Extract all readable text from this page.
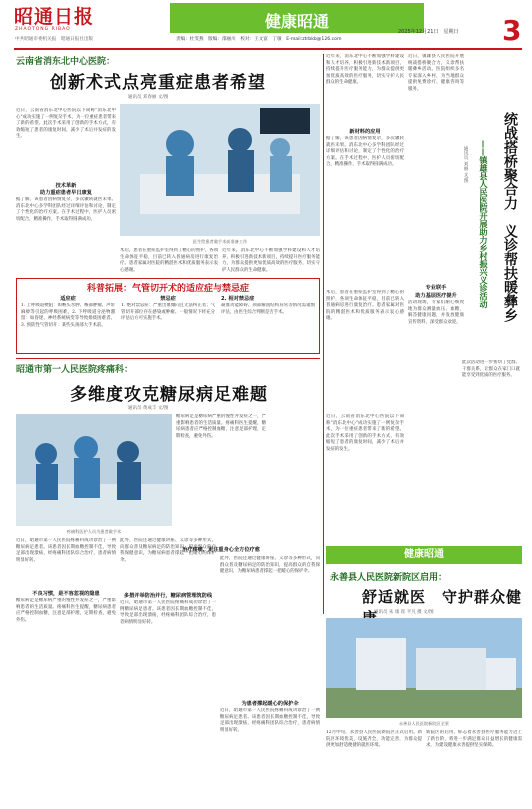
昭通日报
ZHAOTONG RIBAO
中共昭通市委机关报　昭通日报社出版
健康昭通
责编：杜雯燕　版编：邵丽川　校对：王文富　丁敏　E-mail:ztrbkb@126.com
2025年12月21日　星期日 3
云南省消东北中心医院：
创新术式点亮重症患者希望
通讯员 邓春丽 文/图
近日，云南省消东北中心医院以下简称"消东北中心"成功实施了一例复杂手术，为一位重症患者带来了新的希望。此次手术采用了创新的手术方式，有效缩短了患者的康复时间，减少了术后并发症的发生。
技术革新
助力重症患者早日康复
据了解，该患者因病情复杂，多次辗转就医未果。消东北中心多学科团队经过详细评估和讨论，制定了个性化的治疗方案。在手术过程中，医护人员密切配合，精准操作，手术取得圆满成功。
医生给患者做手术前准备工作
术后，患者在重症监护室得到了精心的照护，各项生命体征平稳，目前已转入普通病房进行康复治疗。患者家属对医院的精湛医术和优质服务表示衷心感谢。
近年来，消东北中心不断加强学科建设和人才培养，积极引进新技术新项目，持续提升医疗服务能力，为群众提供更加优质高效的医疗服务，切实守护人民群众的生命健康。
科普拓展：气管切开术的适应症与禁忌症
适应症
1. 上呼吸道梗阻：如喉头水肿、喉部肿瘤、声带麻痹等引起的呼吸困难。2. 下呼吸道分泌物潴留：如昏迷、神经系统病变等导致排痰困难者。3. 预防性气管切开：某些头颈部大手术前。
禁忌症
1. 绝对禁忌症：严重出血倾向且无法纠正者；气管切开部位存在感染或肿瘤。一般情况下经充分评估后方可实施手术。
2. 相对禁忌症
凝血功能障碍、颈部解剖结构异常等情况需谨慎评估，由医生综合判断是否手术。
昭通市第一人民医院疼痛科：
多维度攻克糖尿病足难题
通讯员 黄成丰 文/图
疼痛科医护人员为患者做手术
近日，昭通市第一人民医院疼痛科成功诊治了一例糖尿病足患者。该患者因长期血糖控制不佳，导致足部出现溃疡，经疼痛科团队综合治疗，患者病情明显好转。
不良习惯，是不容忽视的隐患
糖尿病足是糖尿病严重的慢性并发症之一，严重影响患者的生活质量。疼痛科医生提醒，糖尿病患者应严格控制血糖，注意足部护理，定期检查，避免外伤。
此外，医院还通过健康讲座、义诊等多种形式，向群众普及糖尿病足的防治知识，提高群众的自我保健意识，为糖尿病患者撑起一把暖心的保护伞。
多措并举防治并行，糖尿病管理筑防线
近日，昭通市第一人民医院疼痛科成功诊治了一例糖尿病足患者。该患者因长期血糖控制不佳，导致足部出现溃疡，经疼痛科团队综合治疗，患者病情明显好转。
糖尿病足是糖尿病严重的慢性并发症之一，严重影响患者的生活质量。疼痛科医生提醒，糖尿病患者应严格控制血糖，注意足部护理，定期检查，避免外伤。
治疗疼痛，更注重身心全方位疗愈
此外，医院还通过健康讲座、义诊等多种形式，向群众普及糖尿病足的防治知识，提高群众的自我保健意识，为糖尿病患者撑起一把暖心的保护伞。
为患者撑起暖心的保护伞
近日，昭通市第一人民医院疼痛科成功诊治了一例糖尿病足患者。该患者因长期血糖控制不佳，导致足部出现溃疡，经疼痛科团队综合治疗，患者病情明显好转。
近年来，消东北中心不断加强学科建设和人才培养，积极引进新技术新项目，持续提升医疗服务能力，为群众提供更加优质高效的医疗服务，切实守护人民群众的生命健康。
新材料的应用
据了解，该患者因病情复杂，多次辗转就医未果。消东北中心多学科团队经过详细评估和讨论，制定了个性化的治疗方案。在手术过程中，医护人员密切配合，精准操作，手术取得圆满成功。
术后，患者在重症监护室得到了精心的照护，各项生命体征平稳，目前已转入普通病房进行康复治疗。患者家属对医院的精湛医术和优质服务表示衷心感谢。
近日，云南省消东北中心医院以下简称"消东北中心"成功实施了一例复杂手术，为一位重症患者带来了新的希望。此次手术采用了创新的手术方式，有效缩短了患者的康复时间，减少了术后并发症的发生。
统战搭桥聚合力　义诊帮扶暖彝乡
——镇雄县人民医院开展助力乡村振兴义诊活动
通讯员 刘丽 文/图
近日，镇雄县人民医院开展统战搭桥聚合力，义诊帮扶暖彝乡活动。医院组织多名专家深入乡村，为当地群众提供免费诊疗、健康咨询等服务。
专业联手
助力基层医疗提升
活动现场，专家们耐心细致地为群众测量血压、血糖，解答健康问题，并发放健康宣传资料，深受群众欢迎。
此次活动进一步密切了党群、干群关系，让群众在家门口就能享受到优质的医疗服务。
健康昭通
永善县人民医院新院区启用：
舒适就医　守护群众健
通讯员 朱 康 崔 平凡 摄 文/图
永善县人民医院新院区全景
12月中旬，永善县人民医院新院区正式启用。新院区环境优美，设施齐全，功能完善，为群众提供更加舒适便捷的就医环境。
新院区的启用，标志着永善县医疗服务能力迈上了新台阶，将进一步满足群众日益增长的健康需求，为建设健康永善提供坚实保障。
